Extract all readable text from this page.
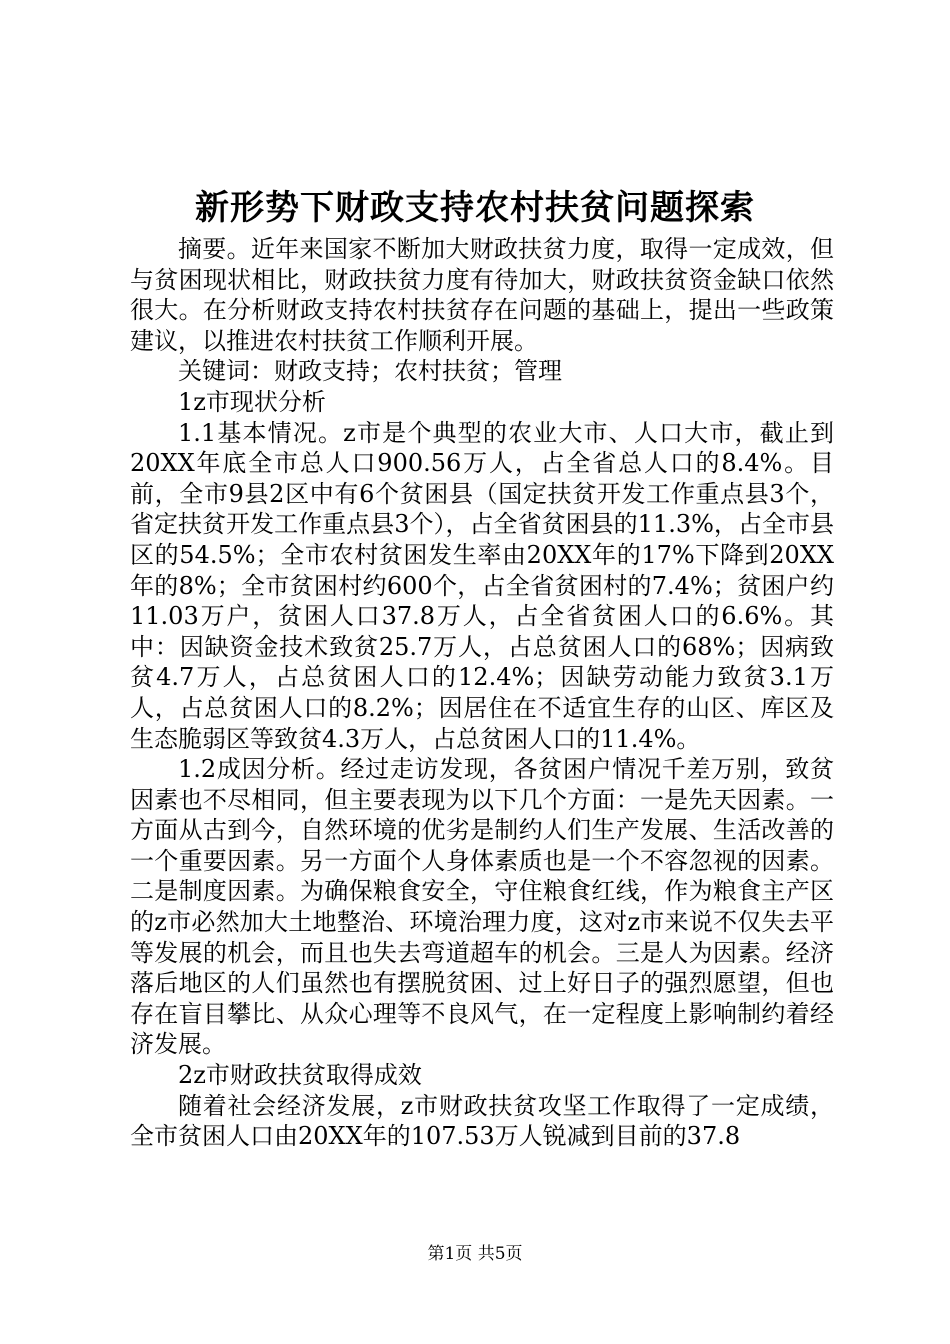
新形势下财政支持农村扶贫问题探索

摘要。近年来国家不断加大财政扶贫力度，取得一定成效，但与贫困现状相比，财政扶贫力度有待加大，财政扶贫资金缺口依然很大。在分析财政支持农村扶贫存在问题的基础上，提出一些政策建议，以推进农村扶贫工作顺利开展。

关键词：财政支持；农村扶贫；管理

1z市现状分析

1.1基本情况。z市是个典型的农业大市、人口大市，截止到20XX年底全市总人口900.56万人，占全省总人口的8.4%。目前，全市9县2区中有6个贫困县（国定扶贫开发工作重点县3个，省定扶贫开发工作重点县3个），占全省贫困县的11.3%，占全市县区的54.5%；全市农村贫困发生率由20XX年的17%下降到20XX年的8%；全市贫困村约600个，占全省贫困村的7.4%；贫困户约11.03万户，贫困人口37.8万人，占全省贫困人口的6.6%。其中：因缺资金技术致贫25.7万人，占总贫困人口的68%；因病致贫4.7万人，占总贫困人口的12.4%；因缺劳动能力致贫3.1万人，占总贫困人口的8.2%；因居住在不适宜生存的山区、库区及生态脆弱区等致贫4.3万人，占总贫困人口的11.4%。

1.2成因分析。经过走访发现，各贫困户情况千差万别，致贫因素也不尽相同，但主要表现为以下几个方面：一是先天因素。一方面从古到今，自然环境的优劣是制约人们生产发展、生活改善的一个重要因素。另一方面个人身体素质也是一个不容忽视的因素。二是制度因素。为确保粮食安全，守住粮食红线，作为粮食主产区的z市必然加大土地整治、环境治理力度，这对z市来说不仅失去平等发展的机会，而且也失去弯道超车的机会。三是人为因素。经济落后地区的人们虽然也有摆脱贫困、过上好日子的强烈愿望，但也存在盲目攀比、从众心理等不良风气，在一定程度上影响制约着经济发展。

2z市财政扶贫取得成效

随着社会经济发展，z市财政扶贫攻坚工作取得了一定成绩，全市贫困人口由20XX年的107.53万人锐减到目前的37.8

第1页 共5页
